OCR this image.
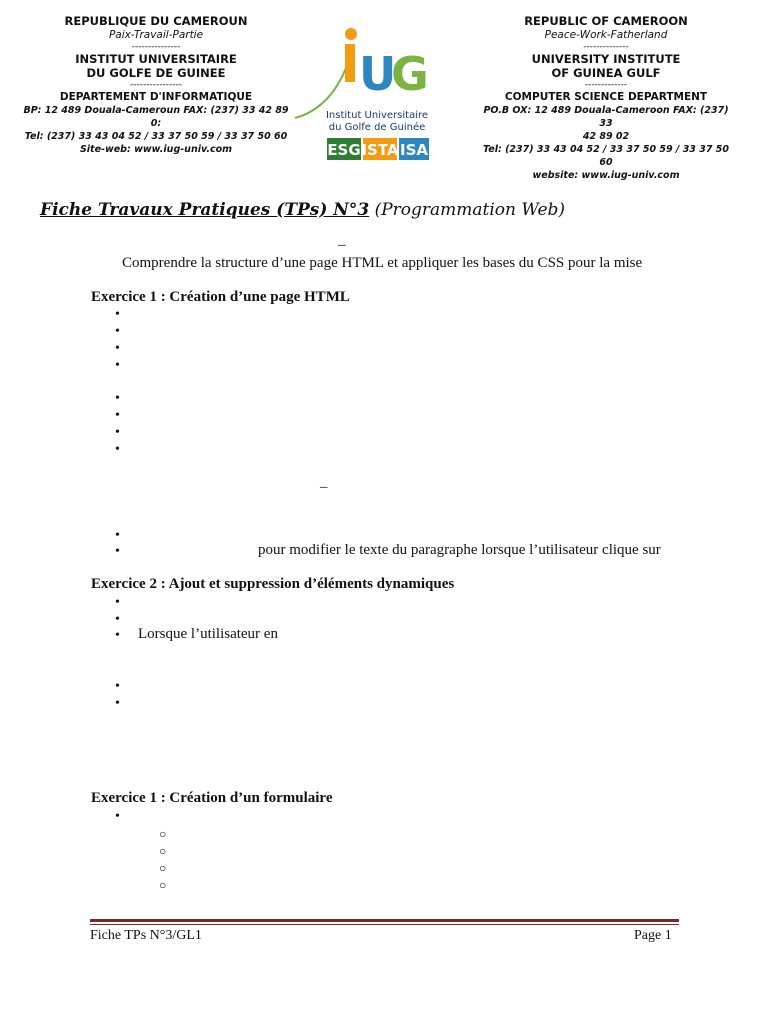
REPUBLIQUE DU CAMEROUN
Paix-Travail-Partie
---------------
INSTITUT UNIVERSITAIRE
DU GOLFE DE GUINEE
----------------
DEPARTEMENT D'INFORMATIQUE
BP: 12 489 Douala-Cameroun FAX: (237) 33 42 89 0:
Tel: (237) 33 43 04 52 / 33 37 50 59 / 33 37 50 60
Site-web: www.iug-univ.com
U
G
Institut Universitaire
du Golfe de Guinée
ESG ISTA ISA
REPUBLIC OF CAMEROON
Peace-Work-Fatherland
--------------
UNIVERSITY INSTITUTE
OF GUINEA GULF
-------------
COMPUTER SCIENCE DEPARTMENT
PO.B OX: 12 489 Douala-Cameroon FAX: (237) 33
42 89 02
Tel: (237) 33 43 04 52 / 33 37 50 59 / 33 37 50 60
website: www.iug-univ.com
Fiche Travaux Pratiques (TPs) N°3 (Programmation Web)
_
Comprendre la structure d’une page HTML et appliquer les bases du CSS pour la mise
Exercice 1 : Création d’une page HTML
•
•
•
•
•
•
•
•
_
•
•
pour modifier le texte du paragraphe lorsque l’utilisateur clique sur
Exercice 2 : Ajout et suppression d’éléments dynamiques
•
•
•
Lorsque l’utilisateur en
•
•
Exercice 1 : Création d’un formulaire
•
○
○
○
○
Fiche TPs N°3/GL1	Page 1
